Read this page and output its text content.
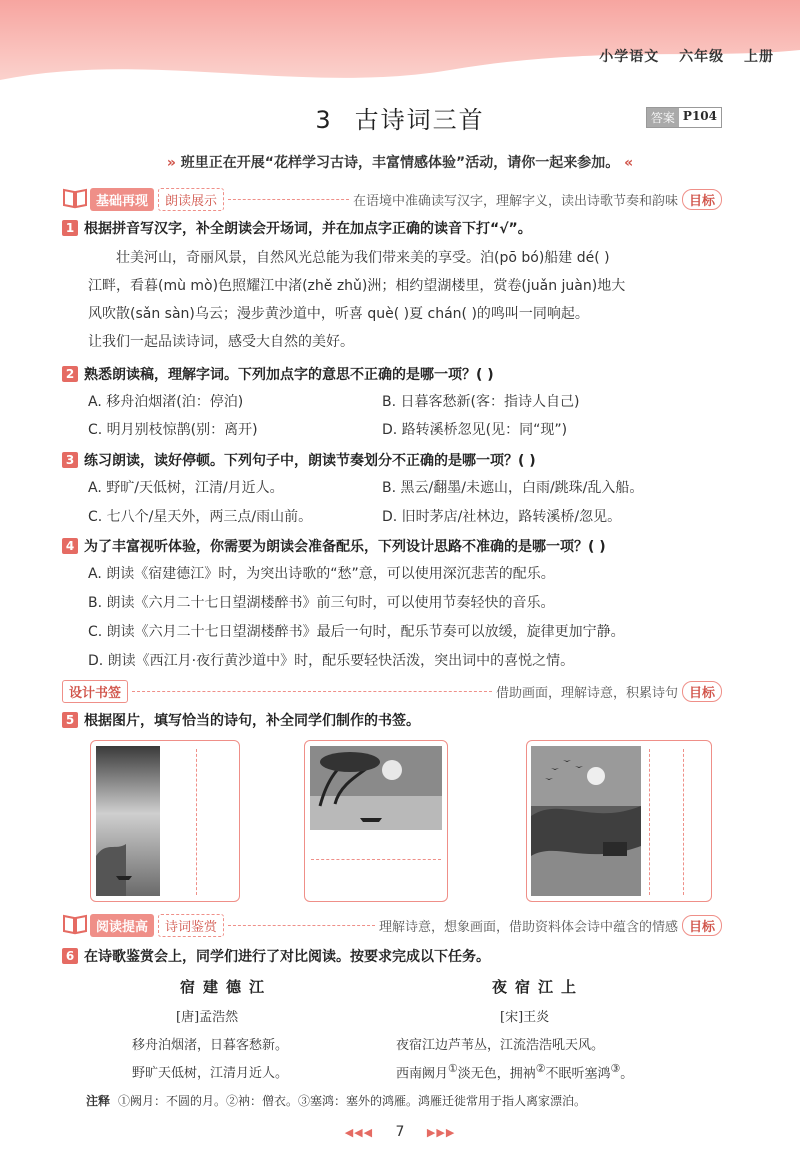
小学语文 六年级 上册
3 古诗词三首	答案 P104
» 班里正在开展“花样学习古诗，丰富情感体验”活动，请你一起来参加。 «
基础再现	朗读展示	在语境中准确读写汉字，理解字义，读出诗歌节奏和韵味 目标
1 根据拼音写汉字，补全朗读会开场词，并在加点字正确的读音下打“√”。
壮美河山，奇丽风景，自然风光总能为我们带来美的享受。泊(pō bó)船建 dé( )
江畔，看暮(mù mò)色照耀江中渚(zhě zhǔ)洲；相约望湖楼里，赏卷(juǎn juàn)地大
风吹散(sǎn sàn)乌云；漫步黄沙道中，听喜 què( )夏 chán( )的鸣叫一同响起。
让我们一起品读诗词，感受大自然的美好。
2 熟悉朗读稿，理解字词。下列加点字的意思不正确的是哪一项？( )
A. 移舟泊烟渚(泊：停泊)	B. 日暮客愁新(客：指诗人自己)
C. 明月别枝惊鹊(别：离开)	D. 路转溪桥忽见(见：同“现”)
3 练习朗读，读好停顿。下列句子中，朗读节奏划分不正确的是哪一项？( )
A. 野旷/天低树，江清/月近人。	B. 黑云/翻墨/未遮山，白雨/跳珠/乱入船。
C. 七八个/星天外，两三点/雨山前。	D. 旧时茅店/社林边，路转溪桥/忽见。
4 为了丰富视听体验，你需要为朗读会准备配乐，下列设计思路不准确的是哪一项？( )
A. 朗读《宿建德江》时，为突出诗歌的“愁”意，可以使用深沉悲苦的配乐。
B. 朗读《六月二十七日望湖楼醉书》前三句时，可以使用节奏轻快的音乐。
C. 朗读《六月二十七日望湖楼醉书》最后一句时，配乐节奏可以放缓，旋律更加宁静。
D. 朗读《西江月·夜行黄沙道中》时，配乐要轻快活泼，突出词中的喜悦之情。
设计书签	借助画面，理解诗意，积累诗句 目标
5 根据图片，填写恰当的诗句，补全同学们制作的书签。
阅读提高	诗词鉴赏	理解诗意，想象画面，借助资料体会诗中蕴含的情感 目标
6 在诗歌鉴赏会上，同学们进行了对比阅读。按要求完成以下任务。
宿建德江
[唐]孟浩然
移舟泊烟渚，日暮客愁新。
野旷天低树，江清月近人。
夜宿江上
[宋]王炎
夜宿江边芦苇丛，江流浩浩吼天风。
西南阙月①淡无色，拥衲②不眠听塞鸿③。
注释 ①阙月：不圆的月。②衲：僧衣。③塞鸿：塞外的鸿雁。鸿雁迁徙常用于指人离家漂泊。
◀◀◀ 7 ▶▶▶
